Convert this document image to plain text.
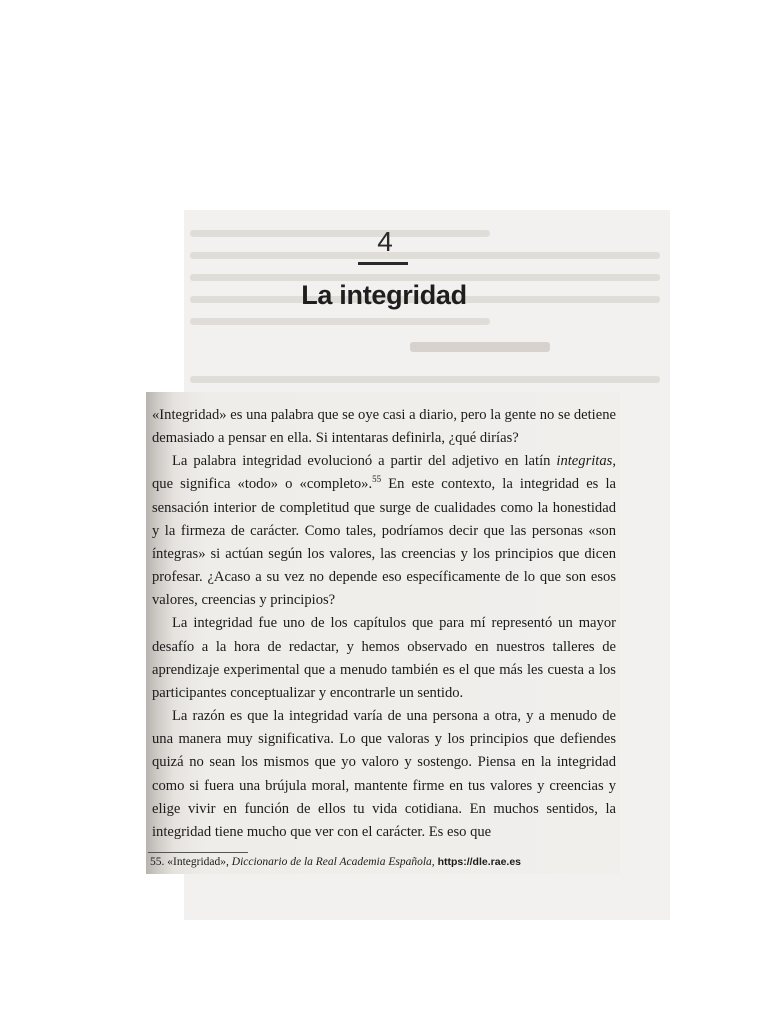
4
La integridad

«Integridad» es una palabra que se oye casi a diario, pero la gente no se detiene demasiado a pensar en ella. Si intentaras definirla, ¿qué dirías?

La palabra integridad evolucionó a partir del adjetivo en latín integritas, que significa «todo» o «completo».$^{55}$ En este contexto, la integridad es la sensación interior de completitud que surge de cualidades como la honestidad y la firmeza de carácter. Como tales, podríamos decir que las personas «son íntegras» si actúan según los valores, las creencias y los principios que dicen profesar. ¿Acaso a su vez no depende eso específicamente de lo que son esos valores, creencias y principios?

La integridad fue uno de los capítulos que para mí representó un mayor desafío a la hora de redactar, y hemos observado en nuestros talleres de aprendizaje experimental que a menudo también es el que más les cuesta a los participantes conceptualizar y encontrarle un sentido.

La razón es que la integridad varía de una persona a otra, y a menudo de una manera muy significativa. Lo que valoras y los principios que defiendes quizá no sean los mismos que yo valoro y sostengo. Piensa en la integridad como si fuera una brújula moral, mantente firme en tus valores y creencias y elige vivir en función de ellos tu vida cotidiana. En muchos sentidos, la integridad tiene mucho que ver con el carácter. Es eso que

55. «Integridad», Diccionario de la Real Academia Española, https://dle.rae.es
